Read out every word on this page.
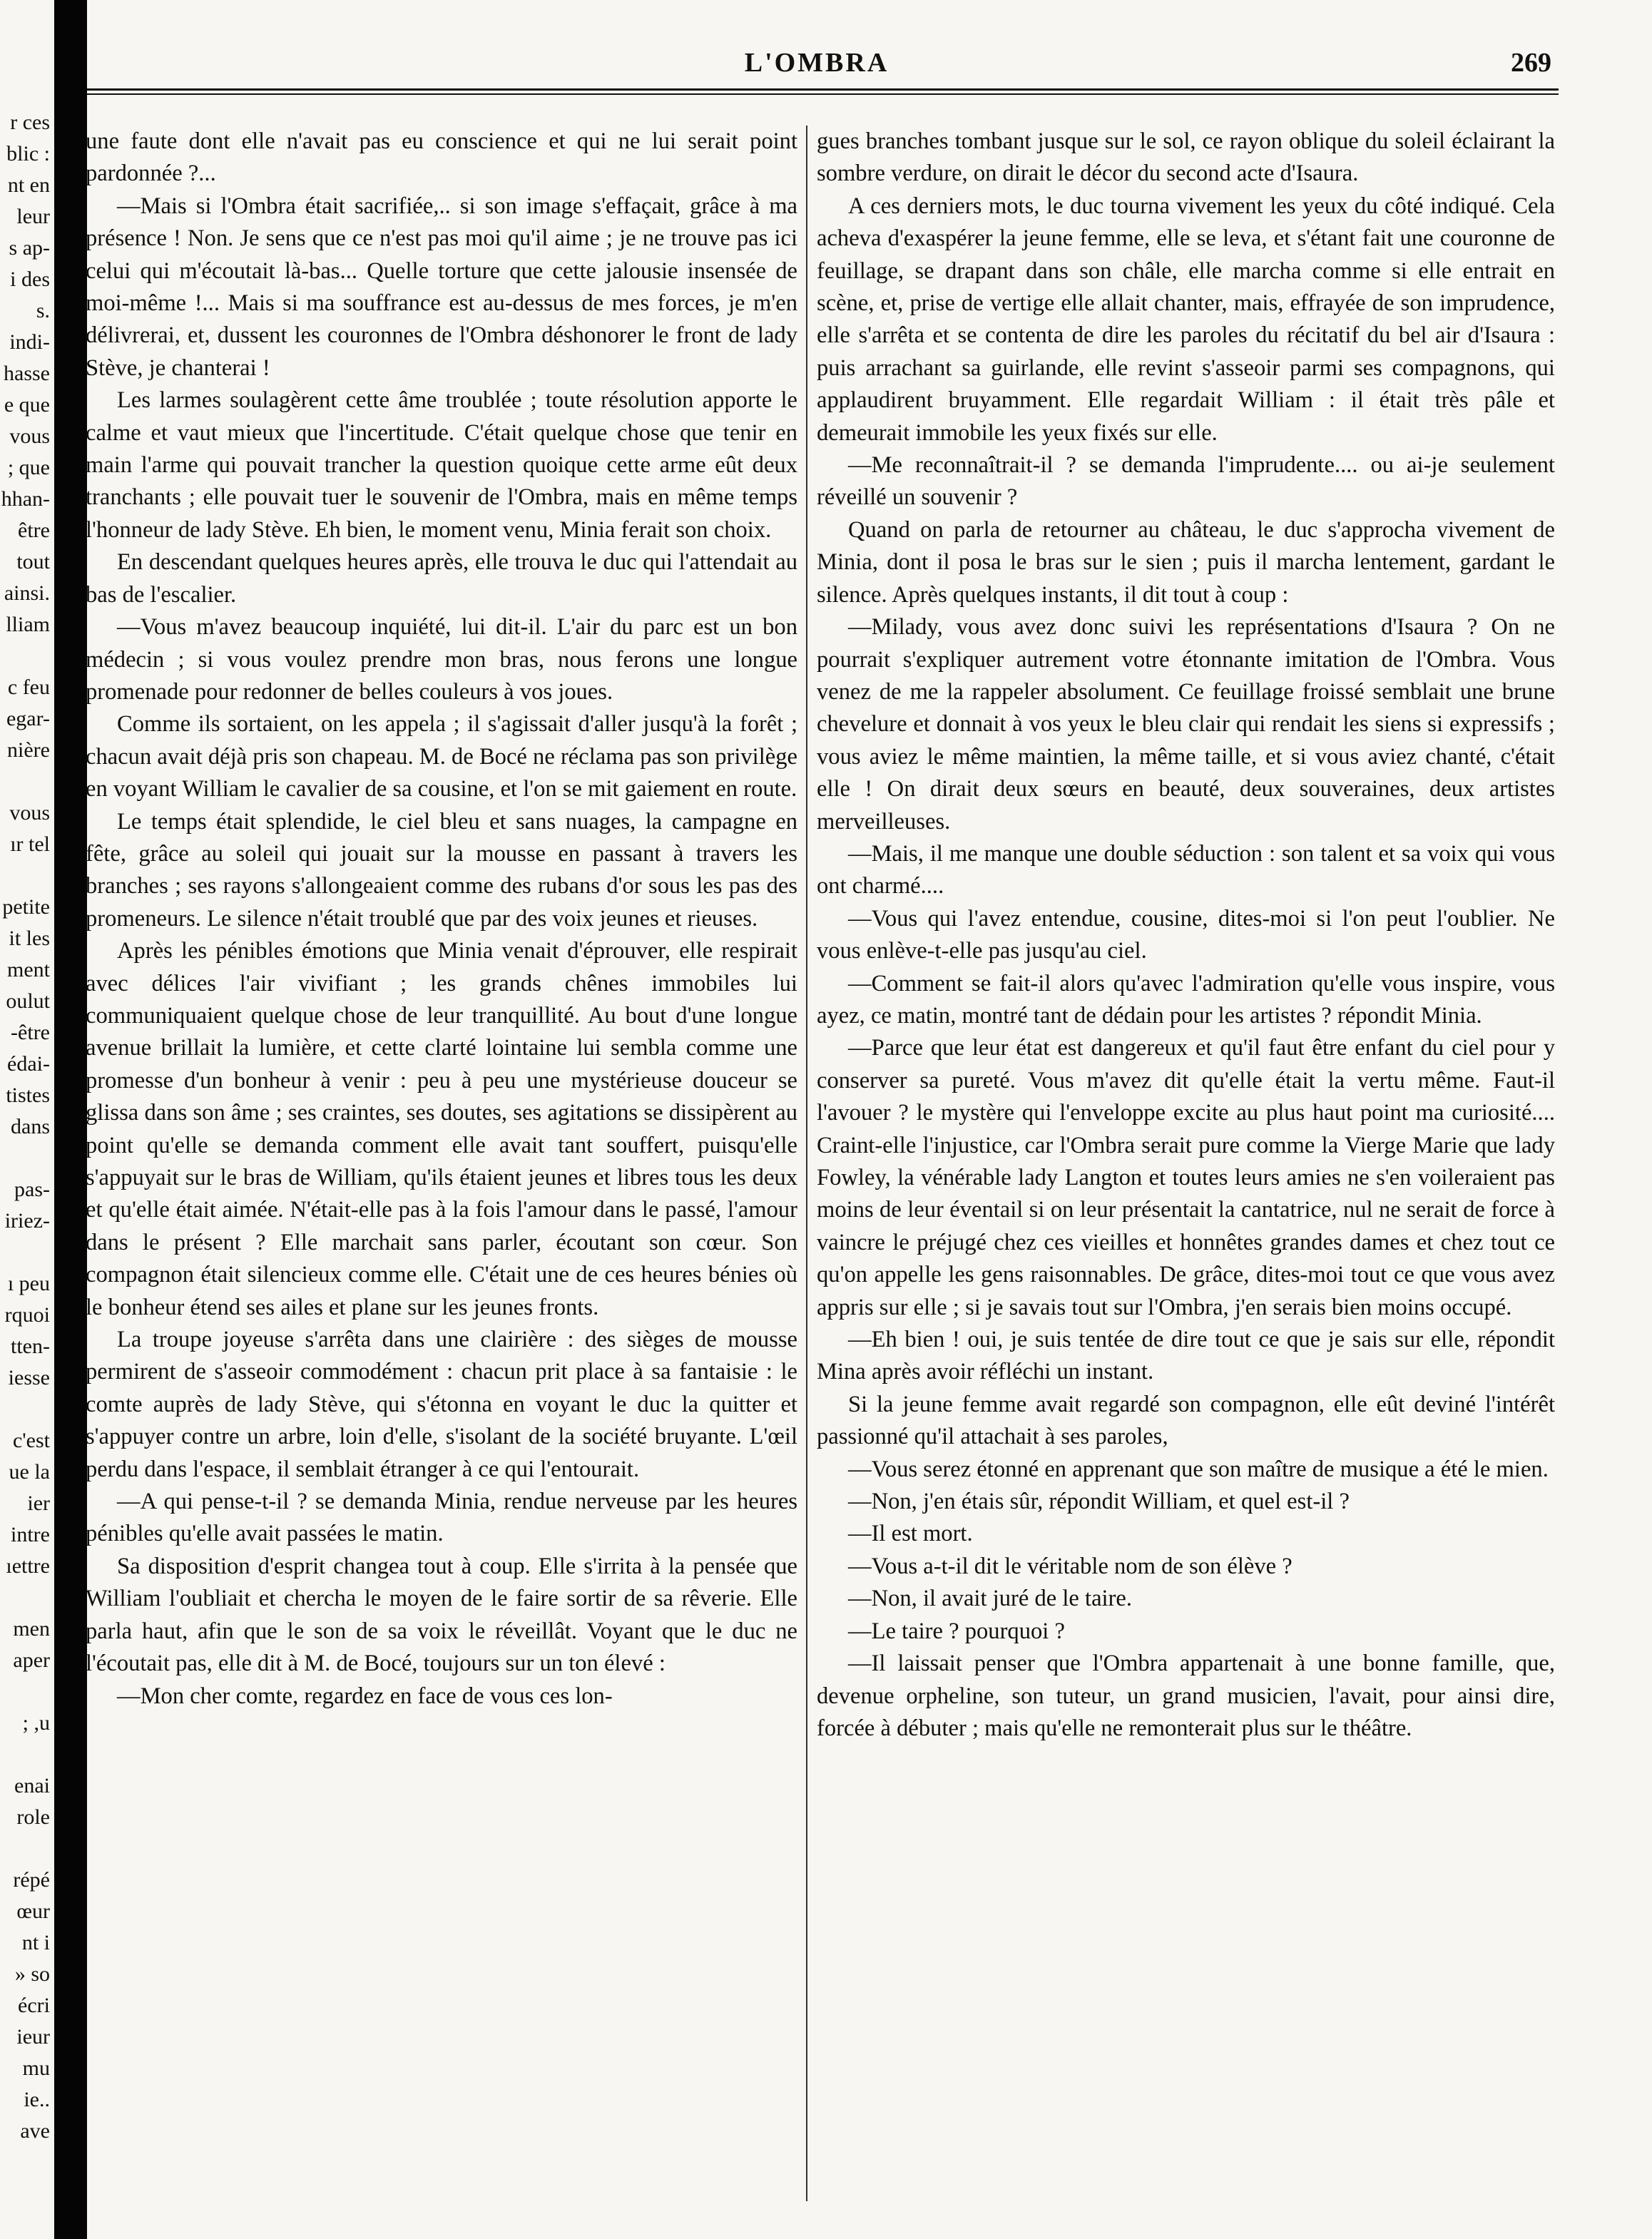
L'OMBRA	269
r ces
blic :
nt en
leur
s ap-
i des
s.
indi-
hasse
e que
vous
; que
hhan-
être
tout
ainsi.
lliam

c feu
egar-
nière

vous
ır tel

petite
it les
ment
oulut
-être
édai-
tistes
dans

pas-
iriez-

ı peu
rquoi
tten-
iesse

c'est
ue la
ier
intre
ıettre

men
aper

; ,u

enai
role

répé
œur
nt i
» so
écri
ieur
mu
ie..
ave

une faute dont elle n'avait pas eu conscience et qui ne lui serait point pardonnée ?...

—Mais si l'Ombra était sacrifiée,.. si son image s'effaçait, grâce à ma présence ! Non. Je sens que ce n'est pas moi qu'il aime ; je ne trouve pas ici celui qui m'écoutait là-bas... Quelle torture que cette jalousie insensée de moi-même !... Mais si ma souffrance est au-dessus de mes forces, je m'en délivrerai, et, dussent les couronnes de l'Ombra déshonorer le front de lady Stève, je chanterai !

Les larmes soulagèrent cette âme troublée ; toute résolution apporte le calme et vaut mieux que l'incertitude. C'était quelque chose que tenir en main l'arme qui pouvait trancher la question quoique cette arme eût deux tranchants ; elle pouvait tuer le souvenir de l'Ombra, mais en même temps l'honneur de lady Stève. Eh bien, le moment venu, Minia ferait son choix.

En descendant quelques heures après, elle trouva le duc qui l'attendait au bas de l'escalier.

—Vous m'avez beaucoup inquiété, lui dit-il. L'air du parc est un bon médecin ; si vous voulez prendre mon bras, nous ferons une longue promenade pour redonner de belles couleurs à vos joues.

Comme ils sortaient, on les appela ; il s'agissait d'aller jusqu'à la forêt ; chacun avait déjà pris son chapeau. M. de Bocé ne réclama pas son privilège en voyant William le cavalier de sa cousine, et l'on se mit gaiement en route.

Le temps était splendide, le ciel bleu et sans nuages, la campagne en fête, grâce au soleil qui jouait sur la mousse en passant à travers les branches ; ses rayons s'allongeaient comme des rubans d'or sous les pas des promeneurs. Le silence n'était troublé que par des voix jeunes et rieuses.

Après les pénibles émotions que Minia venait d'éprouver, elle respirait avec délices l'air vivifiant ; les grands chênes immobiles lui communiquaient quelque chose de leur tranquillité. Au bout d'une longue avenue brillait la lumière, et cette clarté lointaine lui sembla comme une promesse d'un bonheur à venir : peu à peu une mystérieuse douceur se glissa dans son âme ; ses craintes, ses doutes, ses agitations se dissipèrent au point qu'elle se demanda comment elle avait tant souffert, puisqu'elle s'appuyait sur le bras de William, qu'ils étaient jeunes et libres tous les deux et qu'elle était aimée. N'était-elle pas à la fois l'amour dans le passé, l'amour dans le présent ? Elle marchait sans parler, écoutant son cœur. Son compagnon était silencieux comme elle. C'était une de ces heures bénies où le bonheur étend ses ailes et plane sur les jeunes fronts.

La troupe joyeuse s'arrêta dans une clairière : des sièges de mousse permirent de s'asseoir commodément : chacun prit place à sa fantaisie : le comte auprès de lady Stève, qui s'étonna en voyant le duc la quitter et s'appuyer contre un arbre, loin d'elle, s'isolant de la société bruyante. L'œil perdu dans l'espace, il semblait étranger à ce qui l'entourait.

—A qui pense-t-il ? se demanda Minia, rendue nerveuse par les heures pénibles qu'elle avait passées le matin.

Sa disposition d'esprit changea tout à coup. Elle s'irrita à la pensée que William l'oubliait et chercha le moyen de le faire sortir de sa rêverie. Elle parla haut, afin que le son de sa voix le réveillât. Voyant que le duc ne l'écoutait pas, elle dit à M. de Bocé, toujours sur un ton élevé :

—Mon cher comte, regardez en face de vous ces lon-

gues branches tombant jusque sur le sol, ce rayon oblique du soleil éclairant la sombre verdure, on dirait le décor du second acte d'Isaura.

A ces derniers mots, le duc tourna vivement les yeux du côté indiqué. Cela acheva d'exaspérer la jeune femme, elle se leva, et s'étant fait une couronne de feuillage, se drapant dans son châle, elle marcha comme si elle entrait en scène, et, prise de vertige elle allait chanter, mais, effrayée de son imprudence, elle s'arrêta et se contenta de dire les paroles du récitatif du bel air d'Isaura : puis arrachant sa guirlande, elle revint s'asseoir parmi ses compagnons, qui applaudirent bruyamment. Elle regardait William : il était très pâle et demeurait immobile les yeux fixés sur elle.

—Me reconnaîtrait-il ? se demanda l'imprudente.... ou ai-je seulement réveillé un souvenir ?

Quand on parla de retourner au château, le duc s'approcha vivement de Minia, dont il posa le bras sur le sien ; puis il marcha lentement, gardant le silence. Après quelques instants, il dit tout à coup :

—Milady, vous avez donc suivi les représentations d'Isaura ? On ne pourrait s'expliquer autrement votre étonnante imitation de l'Ombra. Vous venez de me la rappeler absolument. Ce feuillage froissé semblait une brune chevelure et donnait à vos yeux le bleu clair qui rendait les siens si expressifs ; vous aviez le même maintien, la même taille, et si vous aviez chanté, c'était elle ! On dirait deux sœurs en beauté, deux souveraines, deux artistes merveilleuses.

—Mais, il me manque une double séduction : son talent et sa voix qui vous ont charmé....

—Vous qui l'avez entendue, cousine, dites-moi si l'on peut l'oublier. Ne vous enlève-t-elle pas jusqu'au ciel.

—Comment se fait-il alors qu'avec l'admiration qu'elle vous inspire, vous ayez, ce matin, montré tant de dédain pour les artistes ? répondit Minia.

—Parce que leur état est dangereux et qu'il faut être enfant du ciel pour y conserver sa pureté. Vous m'avez dit qu'elle était la vertu même. Faut-il l'avouer ? le mystère qui l'enveloppe excite au plus haut point ma curiosité.... Craint-elle l'injustice, car l'Ombra serait pure comme la Vierge Marie que lady Fowley, la vénérable lady Langton et toutes leurs amies ne s'en voileraient pas moins de leur éventail si on leur présentait la cantatrice, nul ne serait de force à vaincre le préjugé chez ces vieilles et honnêtes grandes dames et chez tout ce qu'on appelle les gens raisonnables. De grâce, dites-moi tout ce que vous avez appris sur elle ; si je savais tout sur l'Ombra, j'en serais bien moins occupé.

—Eh bien ! oui, je suis tentée de dire tout ce que je sais sur elle, répondit Mina après avoir réfléchi un instant.

Si la jeune femme avait regardé son compagnon, elle eût deviné l'intérêt passionné qu'il attachait à ses paroles,

—Vous serez étonné en apprenant que son maître de musique a été le mien.

—Non, j'en étais sûr, répondit William, et quel est-il ?

—Il est mort.

—Vous a-t-il dit le véritable nom de son élève ?

—Non, il avait juré de le taire.

—Le taire ? pourquoi ?

—Il laissait penser que l'Ombra appartenait à une bonne famille, que, devenue orpheline, son tuteur, un grand musicien, l'avait, pour ainsi dire, forcée à débuter ; mais qu'elle ne remonterait plus sur le théâtre.
